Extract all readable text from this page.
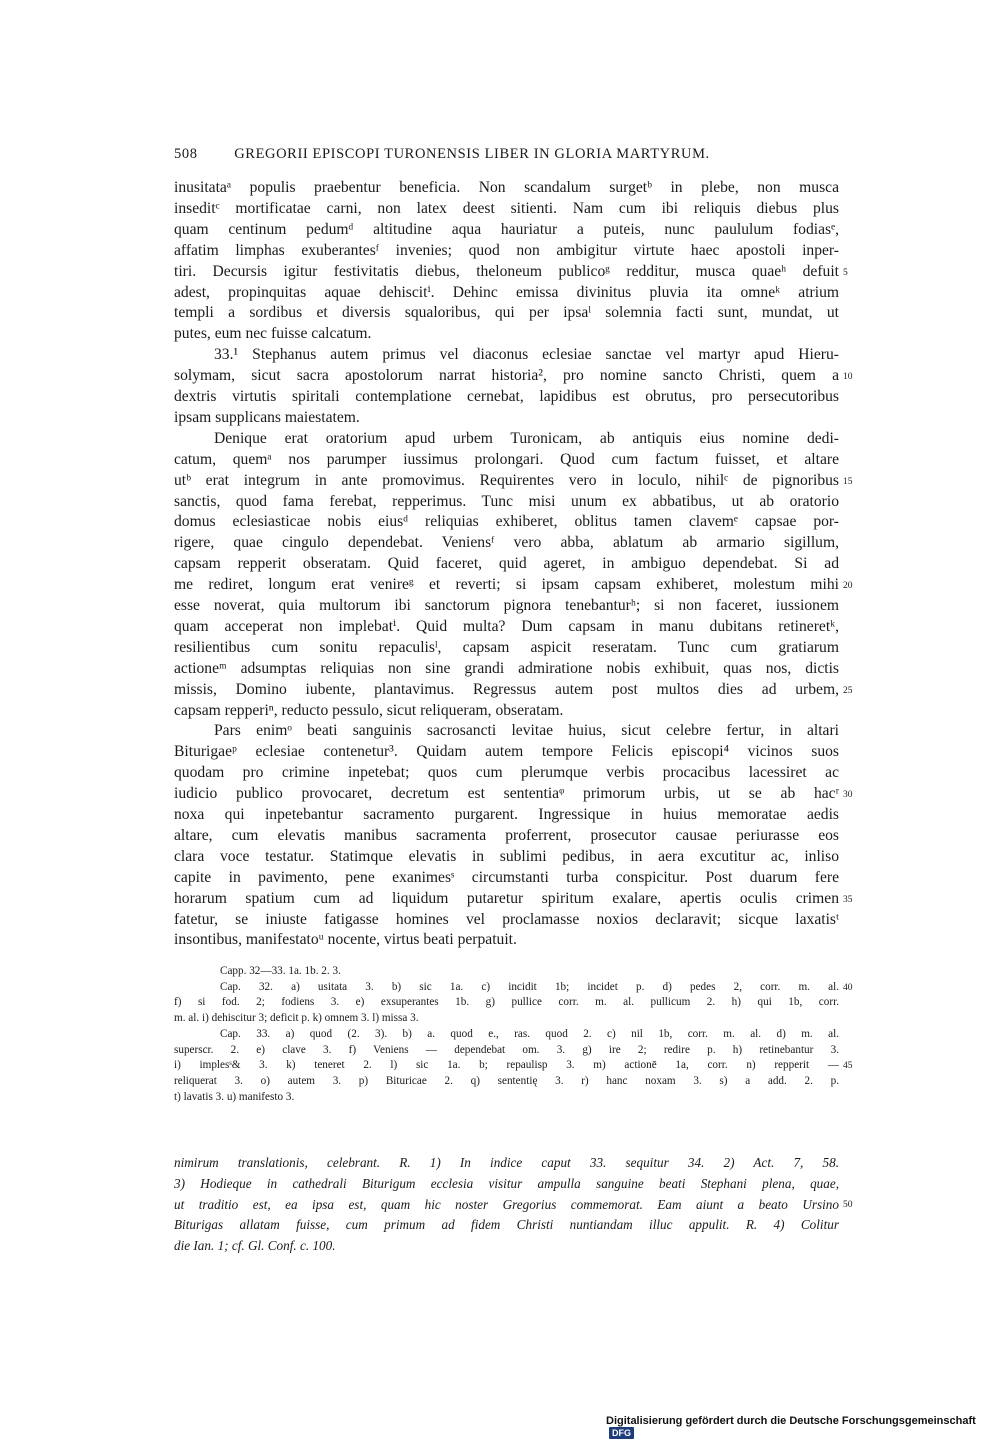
508	GREGORII EPISCOPI TURONENSIS LIBER IN GLORIA MARTYRUM.
inusitataᵃ populis praebentur beneficia. Non scandalum surgetᵇ in plebe, non musca
inseditᶜ mortificatae carni, non latex deest sitienti. Nam cum ibi reliquis diebus plus
quam centinum pedumᵈ altitudine aqua hauriatur a puteis, nunc paululum fodiasᵉ,
affatim limphas exuberantesᶠ invenies; quod non ambigitur virtute haec apostoli inper-
tiri. Decursis igitur festivitatis diebus, theloneum publicoᵍ redditur, musca quaeʰ defuit
adest, propinquitas aquae dehiscitⁱ. Dehinc emissa divinitus pluvia ita omneᵏ atrium
templi a sordibus et diversis squaloribus, qui per ipsaˡ solemnia facti sunt, mundat, ut
putes, eum nec fuisse calcatum.
33.¹ Stephanus autem primus vel diaconus eclesiae sanctae vel martyr apud Hieru-
solymam, sicut sacra apostolorum narrat historia², pro nomine sancto Christi, quem a
dextris virtutis spiritali contemplatione cernebat, lapidibus est obrutus, pro persecutoribus
ipsam supplicans maiestatem.
Denique erat oratorium apud urbem Turonicam, ab antiquis eius nomine dedi-
catum, quemᵃ nos parumper iussimus prolongari. Quod cum factum fuisset, et altare
utᵇ erat integrum in ante promovimus. Requirentes vero in loculo, nihilᶜ de pignoribus
sanctis, quod fama ferebat, repperimus. Tunc misi unum ex abbatibus, ut ab oratorio
domus eclesiasticae nobis eiusᵈ reliquias exhiberet, oblitus tamen clavemᵉ capsae por-
rigere, quae cingulo dependebat. Veniensᶠ vero abba, ablatum ab armario sigillum,
capsam repperit obseratam. Quid faceret, quid ageret, in ambiguo dependebat. Si ad
me rediret, longum erat venireᵍ et reverti; si ipsam capsam exhiberet, molestum mihi
esse noverat, quia multorum ibi sanctorum pignora tenebanturʰ; si non faceret, iussionem
quam acceperat non implebatⁱ. Quid multa? Dum capsam in manu dubitans retineretᵏ,
resilientibus cum sonitu repaculisˡ, capsam aspicit reseratam. Tunc cum gratiarum
actioneᵐ adsumptas reliquias non sine grandi admiratione nobis exhibuit, quas nos, dictis
missis, Domino iubente, plantavimus. Regressus autem post multos dies ad urbem,
capsam repperiⁿ, reducto pessulo, sicut reliqueram, obseratam.
Pars enimᵒ beati sanguinis sacrosancti levitae huius, sicut celebre fertur, in altari
Biturigaeᵖ eclesiae contenetur³. Quidam autem tempore Felicis episcopi⁴ vicinos suos
quodam pro crimine inpetebat; quos cum plerumque verbis procacibus lacessiret ac
iudicio publico provocaret, decretum est sententiaᵠ primorum urbis, ut se ab hacʳ
noxa qui inpetebantur sacramento purgarent. Ingressique in huius memoratae aedis
altare, cum elevatis manibus sacramenta proferrent, prosecutor causae periurasse eos
clara voce testatur. Statimque elevatis in sublimi pedibus, in aera excutitur ac, inliso
capite in pavimento, pene exanimesˢ circumstanti turba conspicitur. Post duarum fere
horarum spatium cum ad liquidum putaretur spiritum exalare, apertis oculis crimen
fatetur, se iniuste fatigasse homines vel proclamasse noxios declaravit; sicque laxatisᵗ
insontibus, manifestatoᵘ nocente, virtus beati perpatuit.
Capp. 32—33. 1a. 1b. 2. 3.
Cap. 32. a) usitata 3. b) sic 1a. c) incidit 1b; incidet p. d) pedes 2, corr. m. al.
f) si fod. 2; fodiens 3. e) exsuperantes 1b. g) pullice corr. m. al. pullicum 2. h) qui 1b, corr.
m. al. i) dehiscitur 3; deficit p. k) omnem 3. l) missa 3.
Cap. 33. a) quod (2. 3). b) a. quod e., ras. quod 2. c) nil 1b, corr. m. al. d) m. al.
superscr. 2. e) clave 3. f) Veniens — dependebat om. 3. g) ire 2; redire p. h) retinebantur 3.
i) implesˢ& 3. k) teneret 2. l) sic 1a. b; repaulisp 3. m) actionē 1a, corr. n) repperit —
reliquerat 3. o) autem 3. p) Bituricae 2. q) sententię 3. r) hanc noxam 3. s) a add. 2. p.
t) lavatis 3. u) manifesto 3.
nimirum translationis, celebrant. R. 1) In indice caput 33. sequitur 34. 2) Act. 7, 58.
3) Hodieque in cathedrali Biturigum ecclesia visitur ampulla sanguine beati Stephani plena, quae,
ut traditio est, ea ipsa est, quam hic noster Gregorius commemorat. Eam aiunt a beato Ursino
Biturigas allatam fuisse, cum primum ad fidem Christi nuntiandam illuc appulit. R. 4) Colitur
die Ian. 1; cf. Gl. Conf. c. 100.
5
10
15
20
25
30
35
40
45
50
Digitalisierung gefördert durch die Deutsche Forschungsgemeinschaft DFG
